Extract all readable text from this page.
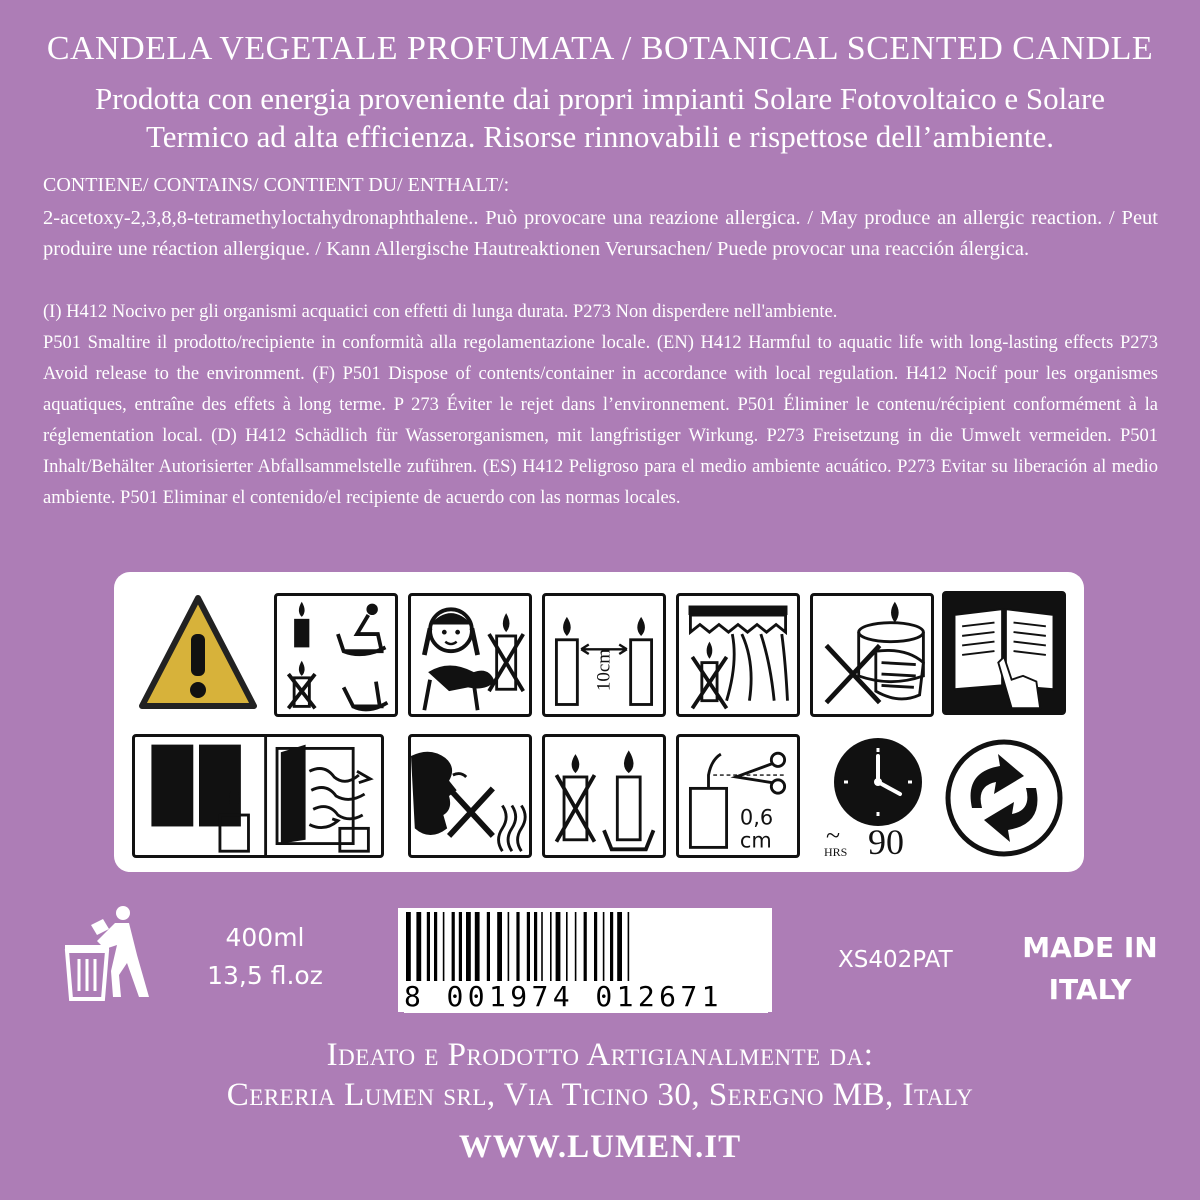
CANDELA VEGETALE PROFUMATA / BOTANICAL SCENTED CANDLE
Prodotta con energia proveniente dai propri impianti Solare Fotovoltaico e Solare Termico ad alta efficienza. Risorse rinnovabili e rispettose dell’ambiente.
CONTIENE/ CONTAINS/ CONTIENT DU/ ENTHALT/:
2-acetoxy-2,3,8,8-tetramethyloctahydronaphthalene.. Può provocare una reazione allergica. / May produce an allergic reaction. / Peut produire une réaction allergique. / Kann Allergische Hautreaktionen Verursachen/ Puede provocar una reacción álergica.
(I) H412 Nocivo per gli organismi acquatici con effetti di lunga durata. P273 Non disperdere nell'ambiente.
P501 Smaltire il prodotto/recipiente in conformità alla regolamentazione locale. (EN) H412 Harmful to aquatic life with long-lasting effects P273 Avoid release to the environment. (F) P501 Dispose of contents/container in accordance with local regulation. H412 Nocif pour les organismes aquatiques, entraîne des effets à long terme. P 273 Éviter le rejet dans l’environnement. P501 Éliminer le contenu/récipient conformément à la réglementation local. (D) H412 Schädlich für Wasserorganismen, mit langfristiger Wirkung. P273 Freisetzung in die Umwelt vermeiden. P501 Inhalt/Behälter Autorisierter Abfallsammelstelle zuführen. (ES) H412 Peligroso para el medio ambiente acuático. P273 Evitar su liberación al medio ambiente. P501 Eliminar el contenido/el recipiente de acuerdo con las normas locales.
10cm
0,6
cm ~
HRS 90
400ml
13,5 fl.oz
8 001974 012671
XS402PAT	MADE IN
ITALY
Ideato e Prodotto Artigianalmente da:
Cereria Lumen srl, Via Ticino 30, Seregno MB, Italy
WWW.LUMEN.IT
